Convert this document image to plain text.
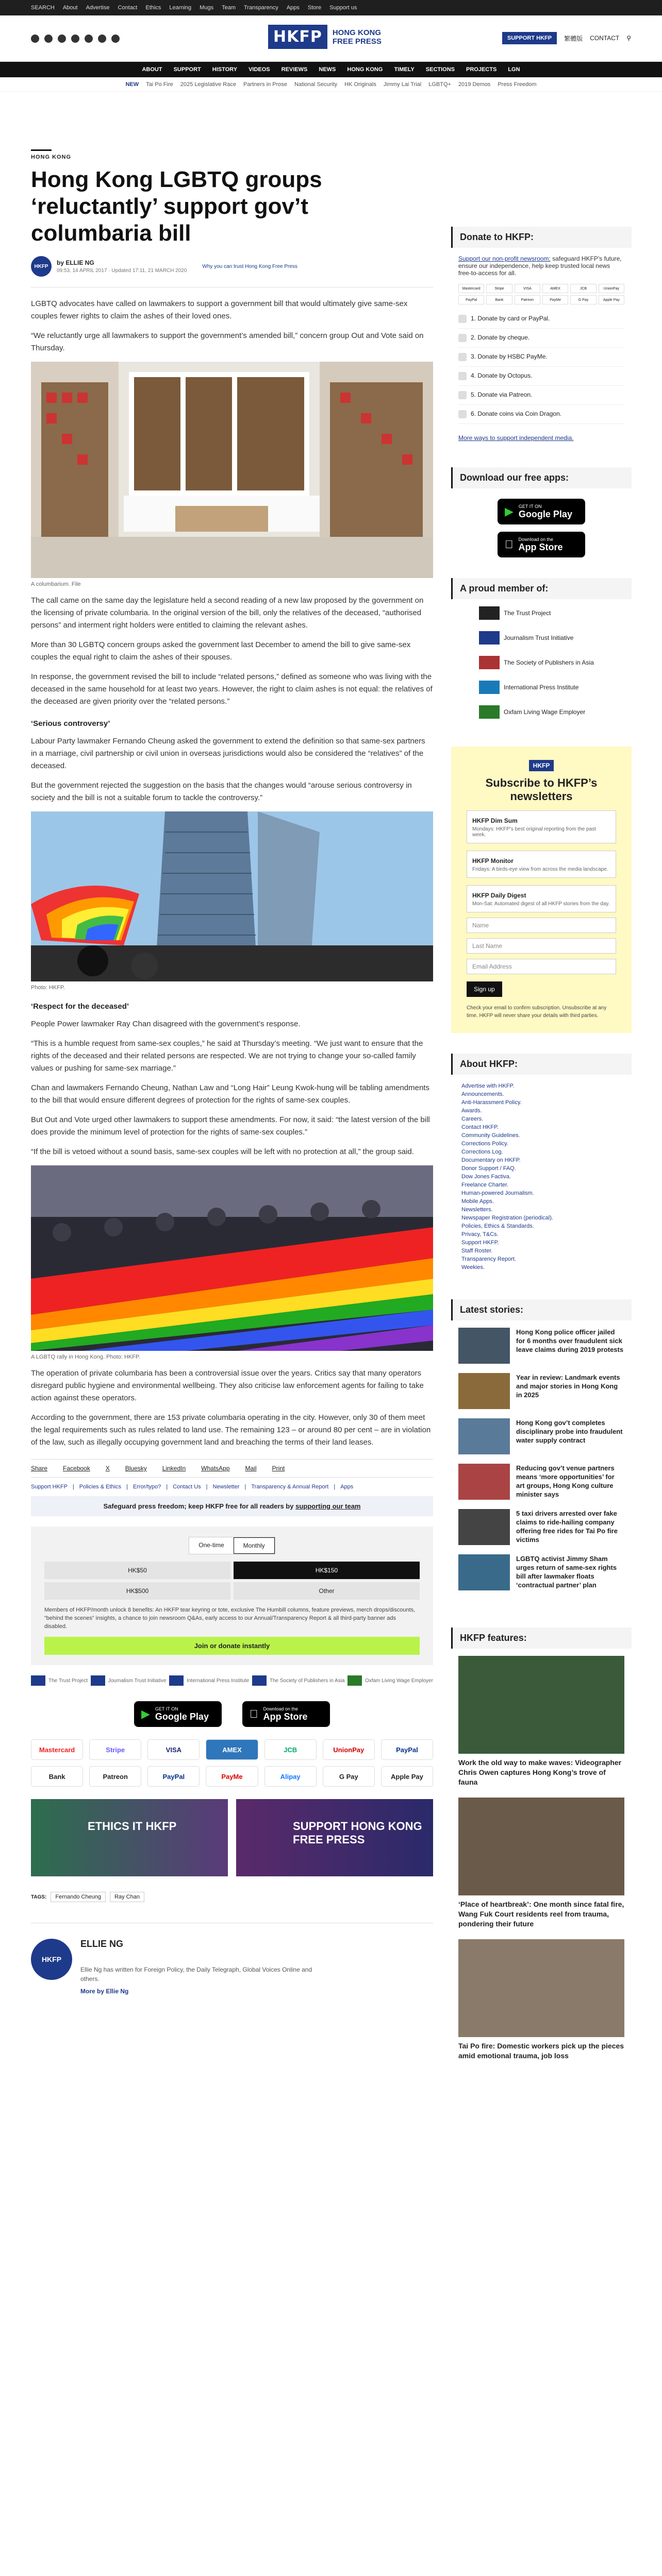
SEARCH About Advertise Contact Ethics Learning Mugs Team Transparency Apps Store Support us
HKFP	HONG KONG
FREE PRESS	SUPPORT HKFP	繁體版 CONTACT ⚲
ABOUT SUPPORT HISTORY VIDEOS REVIEWS NEWS HONG KONG TIMELY SECTIONS PROJECTS LGN
NEW Tai Po Fire 2025 Legislative Race Partners in Prose National Security HK Originals Jimmy Lai Trial LGBTQ+ 2019 Demos Press Freedom
HONG KONG
Hong Kong LGBTQ groups ‘reluctantly’ support gov’t columbaria bill
HKFP	by ELLIE NG
09:53, 14 APRIL 2017 · Updated 17:11, 21 MARCH 2020
Why you can trust Hong Kong Free Press

LGBTQ advocates have called on lawmakers to support a government bill that would ultimately give same-sex couples fewer rights to claim the ashes of their loved ones.

“We reluctantly urge all lawmakers to support the government’s amended bill,” concern group Out and Vote said on Thursday.

A columbarium. File

The call came on the same day the legislature held a second reading of a new law proposed by the government on the licensing of private columbaria. In the original version of the bill, only the relatives of the deceased, “authorised persons” and interment right holders were entitled to claiming the relevant ashes.

More than 30 LGBTQ concern groups asked the government last December to amend the bill to give same-sex couples the equal right to claim the ashes of their spouses.

In response, the government revised the bill to include “related persons,” defined as someone who was living with the deceased in the same household for at least two years. However, the right to claim ashes is not equal: the relatives of the deceased are given priority over the “related persons.”

‘Serious controversy’

Labour Party lawmaker Fernando Cheung asked the government to extend the definition so that same-sex partners in a marriage, civil partnership or civil union in overseas jurisdictions would also be considered the “relatives” of the deceased.

But the government rejected the suggestion on the basis that the changes would “arouse serious controversy in society and the bill is not a suitable forum to tackle the controversy.”

Photo: HKFP.
‘Respect for the deceased’

People Power lawmaker Ray Chan disagreed with the government’s response.

“This is a humble request from same-sex couples,” he said at Thursday’s meeting. “We just want to ensure that the rights of the deceased and their related persons are respected. We are not trying to change your so-called family values or pushing for same-sex marriage.”

Chan and lawmakers Fernando Cheung, Nathan Law and “Long Hair” Leung Kwok-hung will be tabling amendments to the bill that would ensure different degrees of protection for the rights of same-sex couples.

But Out and Vote urged other lawmakers to support these amendments. For now, it said: “the latest version of the bill does provide the minimum level of protection for the rights of same-sex couples.”

“If the bill is vetoed without a sound basis, same-sex couples will be left with no protection at all,” the group said.

A LGBTQ rally in Hong Kong. Photo: HKFP.

The operation of private columbaria has been a controversial issue over the years. Critics say that many operators disregard public hygiene and environmental wellbeing. They also criticise law enforcement agents for failing to take action against these operators.

According to the government, there are 153 private columbaria operating in the city. However, only 30 of them meet the legal requirements such as rules related to land use. The remaining 123 – or around 80 per cent – are in violation of the law, such as illegally occupying government land and breaching the terms of their land leases.

Share	Facebook	X	Bluesky	LinkedIn	WhatsApp	Mail	Print
Support HKFP | Policies & Ethics | Error/typo? | Contact Us | Newsletter | Transparency & Annual Report | Apps
Safeguard press freedom; keep HKFP free for all readers by supporting our team
One-time	Monthly
HK$50	HK$150
HK$500	Other
Members of HKFP/month unlock 8 benefits: An HKFP tear keyring or tote, exclusive The Humbill columns, feature previews, merch drops/discounts, “behind the scenes” insights, a chance to join newsroom Q&As, early access to our Annual/Transparency Report & all third-party banner ads disabled.
Join or donate instantly
The Trust Project	Journalism Trust Initiative	International Press Institute	The Society of Publishers in Asia	Oxfam Living Wage Employer
▶ GET IT ON
Google Play
Download on the
App Store
Mastercard	Stripe	VISA	AMEX	JCB	UnionPay	PayPal
Bank	Patreon	PayPal	PayMe	Alipay	G Pay	Apple Pay
ETHICS IT HKFP	SUPPORT HONG KONG FREE PRESS
TAGS:	Fernando Cheung	Ray Chan
HKFP
ELLIE NG
Ellie Ng has written for Foreign Policy, the Daily Telegraph, Global Voices Online and others.
More by Ellie Ng
Donate to HKFP:
Support our non-profit newsroom: safeguard HKFP’s future, ensure our independence, help keep trusted local news free-to-access for all.
Mastercard	Stripe	VISA	AMEX	JCB	UnionPay
PayPal	Bank	Patreon	PayMe	G Pay	Apple Pay
1. Donate by card or PayPal.
2. Donate by cheque.
3. Donate by HSBC PayMe.
4. Donate by Octopus.
5. Donate via Patreon.
6. Donate coins via Coin Dragon.
More ways to support independent media.
Download our free apps:
▶ GET IT ON
Google Play
Download on the
App Store
A proud member of:
The Trust Project
Journalism Trust Initiative
The Society of Publishers in Asia
International Press Institute
Oxfam Living Wage Employer
HKFP
Subscribe to HKFP’s newsletters
HKFP Dim Sum
Mondays: HKFP’s best original reporting from the past week.
HKFP Monitor
Fridays: A birds-eye view from across the media landscape.
HKFP Daily Digest
Mon-Sat: Automated digest of all HKFP stories from the day.
Name
Last Name
Email Address
Sign up
Check your email to confirm subscription. Unsubscribe at any time. HKFP will never share your details with third parties.
About HKFP:
Advertise with HKFP.
Announcements.
Anti-Harassment Policy.
Awards.
Careers.
Contact HKFP.
Community Guidelines.
Corrections Policy.
Corrections Log.
Documentary on HKFP.
Donor Support / FAQ.
Dow Jones Factiva.
Freelance Charter.
Human-powered Journalism.
Mobile Apps.
Newsletters.
Newspaper Registration (periodical).
Policies, Ethics & Standards.
Privacy, T&Cs.
Support HKFP.
Staff Roster.
Transparency Report.
Weekies.
Latest stories:
Hong Kong police officer jailed for 6 months over fraudulent sick leave claims during 2019 protests
Year in review: Landmark events and major stories in Hong Kong in 2025
Hong Kong gov’t completes disciplinary probe into fraudulent water supply contract
Reducing gov’t venue partners means ‘more opportunities’ for art groups, Hong Kong culture minister says
5 taxi drivers arrested over fake claims to ride-hailing company offering free rides for Tai Po fire victims
LGBTQ activist Jimmy Sham urges return of same-sex rights bill after lawmaker floats ‘contractual partner’ plan
HKFP features:
Work the old way to make waves: Videographer Chris Owen captures Hong Kong’s trove of fauna
‘Place of heartbreak’: One month since fatal fire, Wang Fuk Court residents reel from trauma, pondering their future
Tai Po fire: Domestic workers pick up the pieces amid emotional trauma, job loss
